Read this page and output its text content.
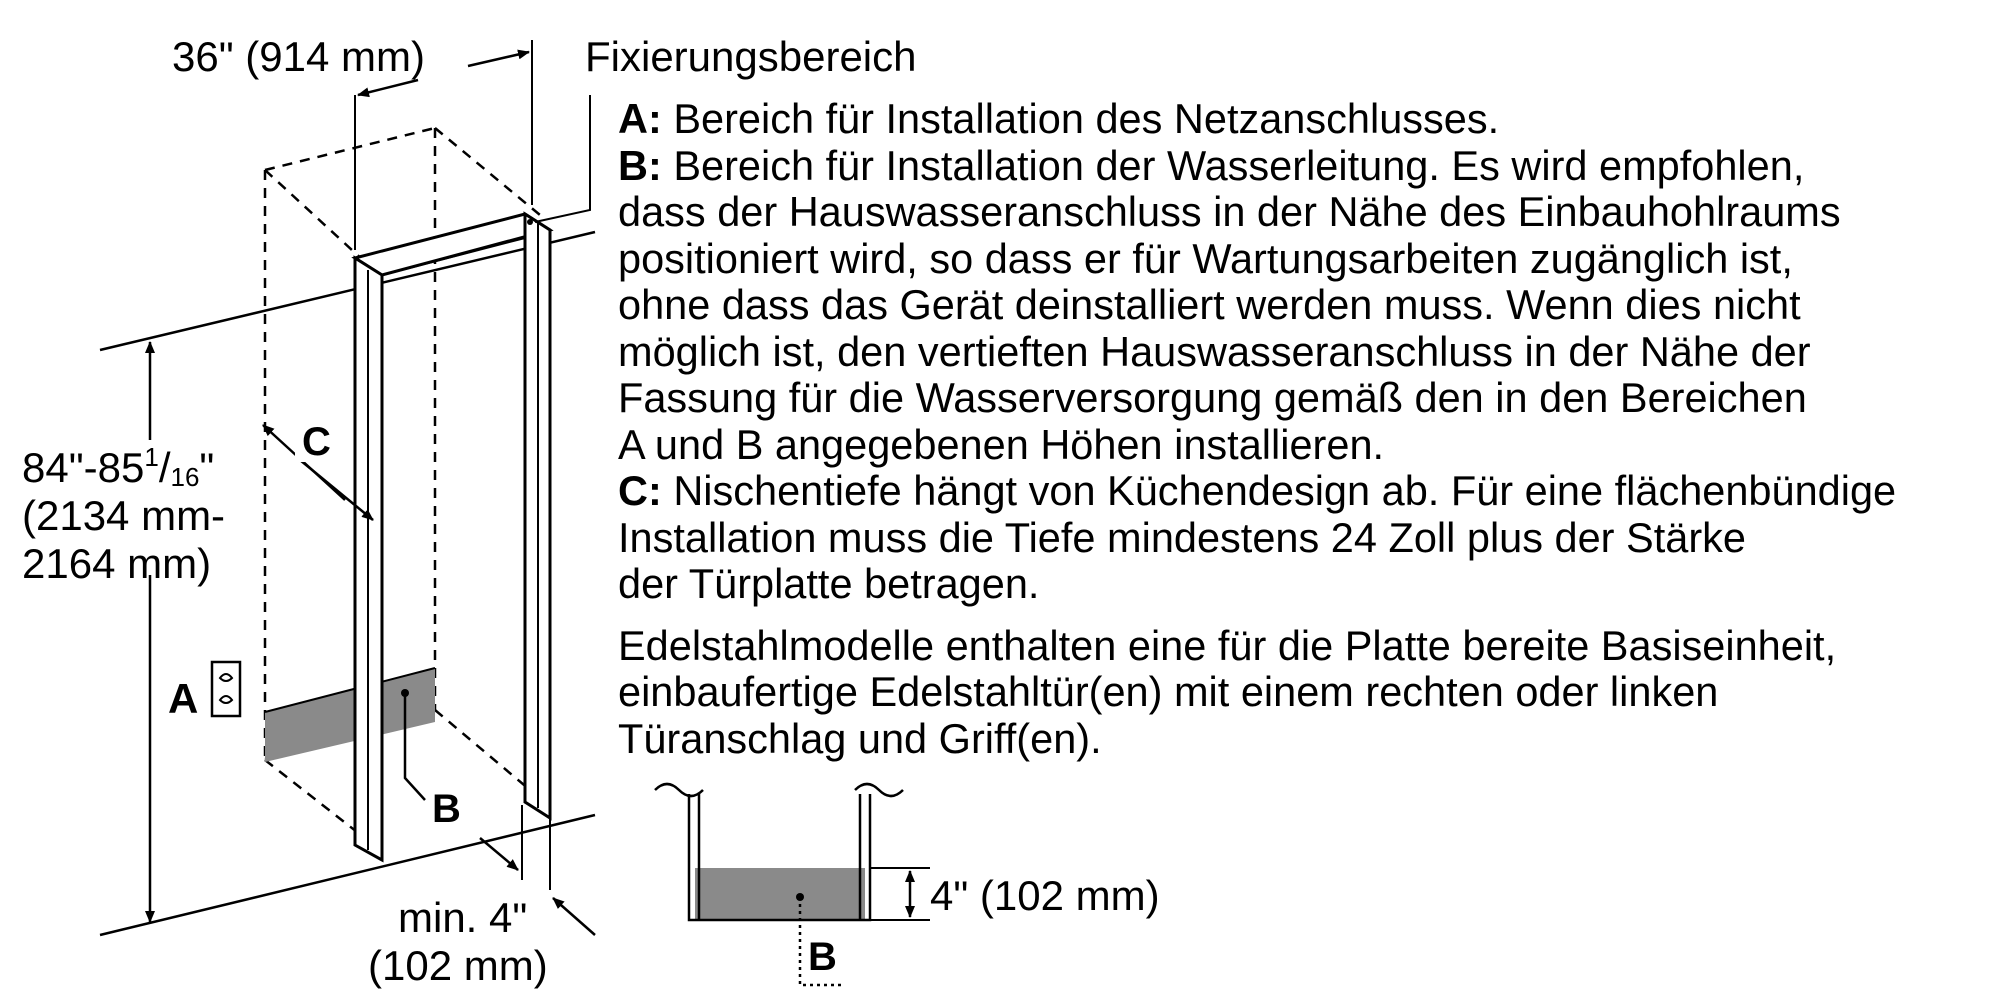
36" (914 mm)	Fixierungsbereich
$84"-85^1/16$"
(2134 mm-
2164 mm)
C
A
B
min. 4"
(102 mm)
4" (102 mm)
B

A: Bereich für Installation des Netzanschlusses.

B: Bereich für Installation der Wasserleitung. Es wird empfohlen,

dass der Hauswasseranschluss in der Nähe des Einbauhohlraums

positioniert wird, so dass er für Wartungsarbeiten zugänglich ist,

ohne dass das Gerät deinstalliert werden muss. Wenn dies nicht

möglich ist, den vertieften Hauswasseranschluss in der Nähe der

Fassung für die Wasserversorgung gemäß den in den Bereichen

A und B angegebenen Höhen installieren.

C: Nischentiefe hängt von Küchendesign ab. Für eine flächenbündige

Installation muss die Tiefe mindestens 24 Zoll plus der Stärke

der Türplatte betragen.

Edelstahlmodelle enthalten eine für die Platte bereite Basiseinheit,

einbaufertige Edelstahltür(en) mit einem rechten oder linken

Türanschlag und Griff(en).
